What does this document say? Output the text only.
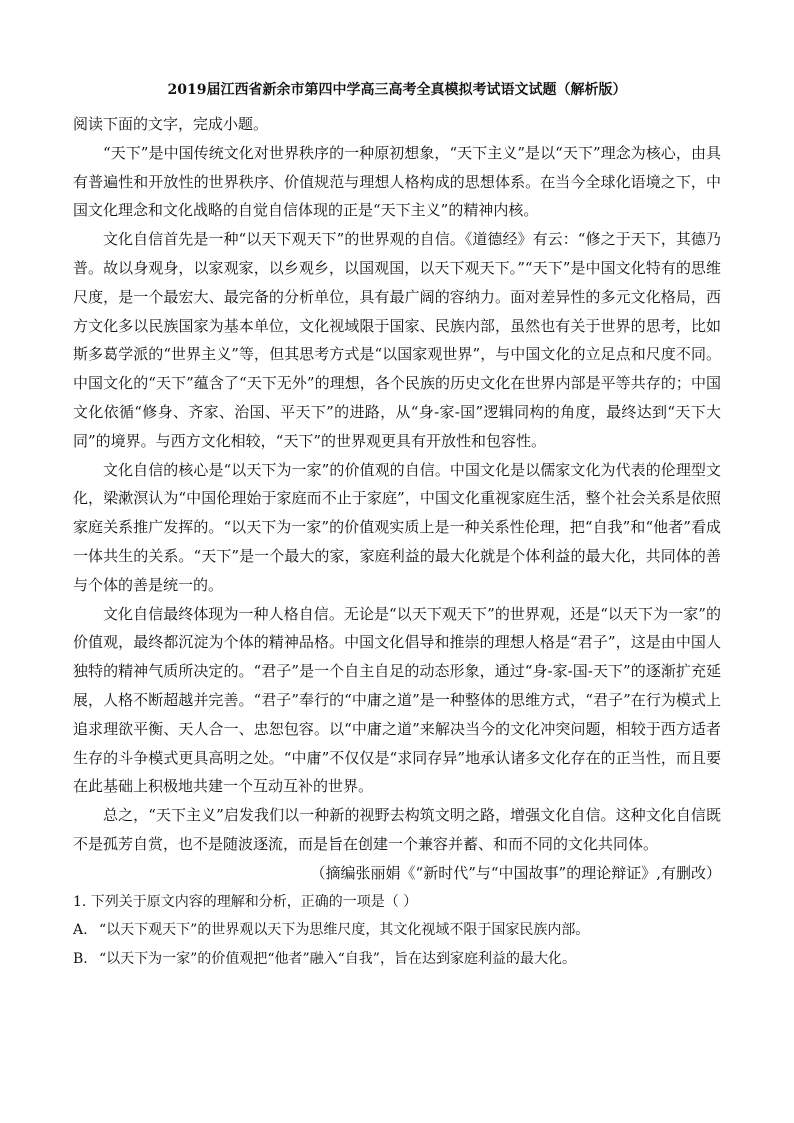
2019届江西省新余市第四中学高三高考全真模拟考试语文试题（解析版）

阅读下面的文字，完成小题。

“天下”是中国传统文化对世界秩序的一种原初想象，“天下主义”是以“天下”理念为核心，由具有普遍性和开放性的世界秩序、价值规范与理想人格构成的思想体系。在当今全球化语境之下，中国文化理念和文化战略的自觉自信体现的正是“天下主义”的精神内核。

文化自信首先是一种“以天下观天下”的世界观的自信。《道德经》有云：“修之于天下，其德乃普。故以身观身，以家观家，以乡观乡，以国观国，以天下观天下。”“天下”是中国文化特有的思维尺度，是一个最宏大、最完备的分析单位，具有最广阔的容纳力。面对差异性的多元文化格局，西方文化多以民族国家为基本单位，文化视域限于国家、民族内部，虽然也有关于世界的思考，比如斯多葛学派的“世界主义”等，但其思考方式是“以国家观世界”，与中国文化的立足点和尺度不同。中国文化的“天下”蕴含了“天下无外”的理想，各个民族的历史文化在世界内部是平等共存的；中国文化依循“修身、齐家、治国、平天下”的进路，从“身-家-国”逻辑同构的角度，最终达到“天下大同”的境界。与西方文化相较，“天下”的世界观更具有开放性和包容性。

文化自信的核心是“以天下为一家”的价值观的自信。中国文化是以儒家文化为代表的伦理型文化，梁漱溟认为“中国伦理始于家庭而不止于家庭”，中国文化重视家庭生活，整个社会关系是依照家庭关系推广发挥的。“以天下为一家”的价值观实质上是一种关系性伦理，把“自我”和“他者”看成一体共生的关系。“天下”是一个最大的家，家庭利益的最大化就是个体利益的最大化，共同体的善与个体的善是统一的。

文化自信最终体现为一种人格自信。无论是“以天下观天下”的世界观，还是“以天下为一家”的价值观，最终都沉淀为个体的精神品格。中国文化倡导和推崇的理想人格是“君子”，这是由中国人独特的精神气质所决定的。“君子”是一个自主自足的动态形象，通过“身-家-国-天下”的逐渐扩充延展，人格不断超越并完善。“君子”奉行的“中庸之道”是一种整体的思维方式，“君子”在行为模式上追求理欲平衡、天人合一、忠恕包容。以“中庸之道”来解决当今的文化冲突问题，相较于西方适者生存的斗争模式更具高明之处。“中庸”不仅仅是“求同存异”地承认诸多文化存在的正当性，而且要在此基础上积极地共建一个互动互补的世界。

总之，“天下主义”启发我们以一种新的视野去构筑文明之路，增强文化自信。这种文化自信既不是孤芳自赏，也不是随波逐流，而是旨在创建一个兼容并蓄、和而不同的文化共同体。

（摘编张丽娟《“新时代”与“中国故事”的理论辩证》,有删改）

1. 下列关于原文内容的理解和分析，正确的一项是（ ）

A. “以天下观天下”的世界观以天下为思维尺度，其文化视域不限于国家民族内部。

B. “以天下为一家”的价值观把“他者”融入“自我”，旨在达到家庭利益的最大化。
